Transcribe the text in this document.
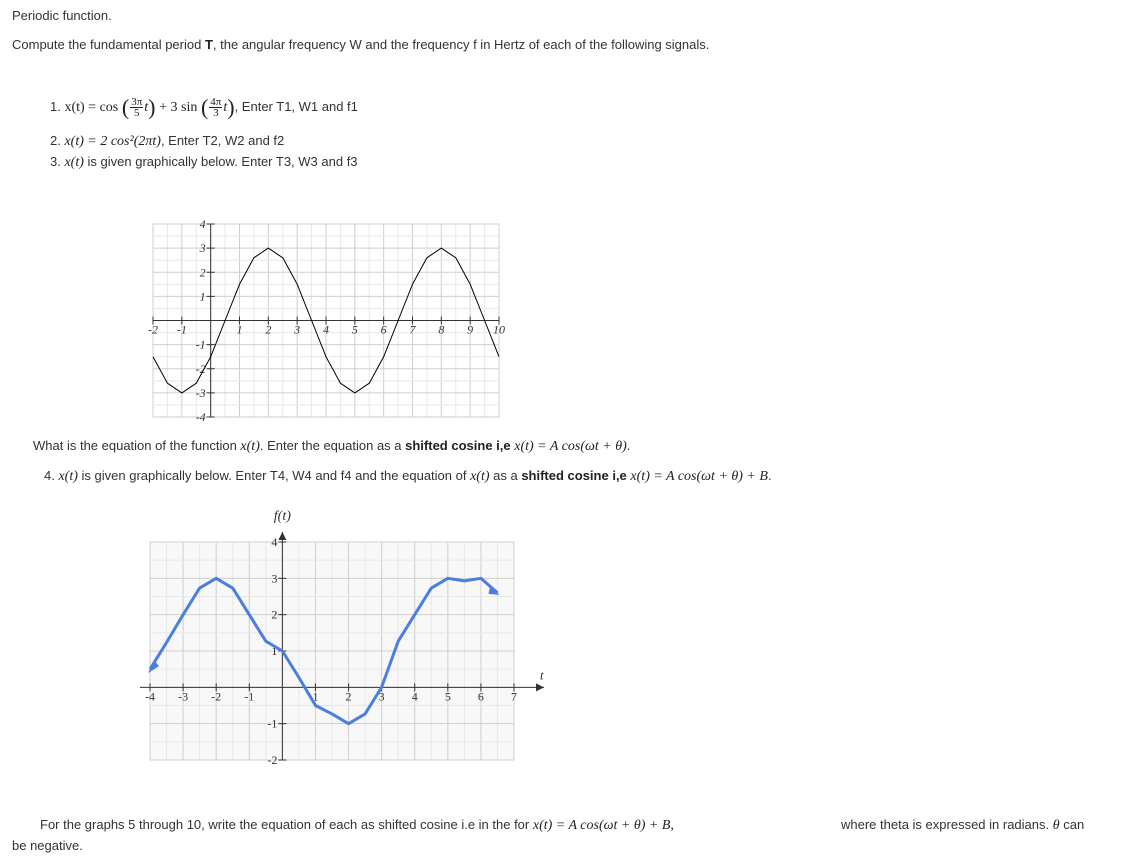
Periodic function.
Compute the fundamental period T, the angular frequency W and the frequency f in Hertz of each of the following signals.
1. x(t) = cos ( $\frac{3\pi}{5} t) + 3$ sin ( $\frac{4\pi}{3} t$), Enter T1, W1 and f1
2. x(t) = 2 cos²(2πt), Enter T2, W2 and f2
3. x(t) is given graphically below. Enter T3, W3 and f3
-2 -1	1 2 3 4 5 6 7 8 9 10
4
3
2
1
-1
-2
-3
-4
What is the equation of the function x(t). Enter the equation as a shifted cosine i,e x(t) = A cos(ωt + θ).
4. x(t) is given graphically below. Enter T4, W4 and f4 and the equation of x(t) as a shifted cosine i,e x(t) = A cos(ωt + θ) + B.
-4 -3 -2 -1	1 2 3 4 5 6 7
4
3
2
1
-1
-2
f(t)
t
For the graphs 5 through 10, write the equation of each as shifted cosine i.e in the for x(t) = A cos(ωt + θ) + B,	where theta is expressed in radians. θ can
be negative.
